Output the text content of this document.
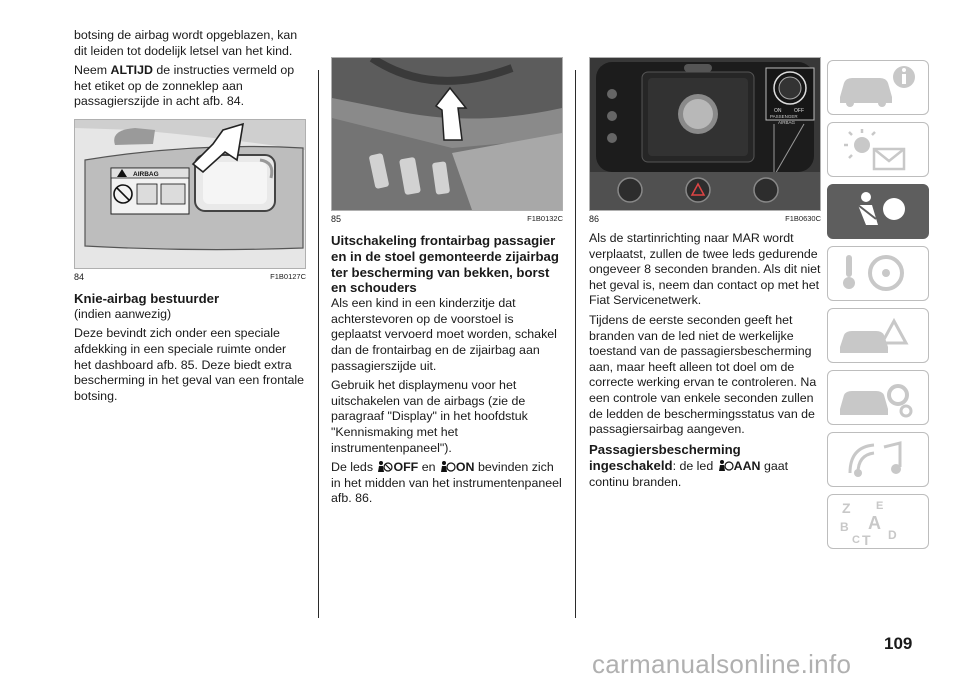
botsing de airbag wordt opgeblazen, kan dit leiden tot dodelijk letsel van het kind.

Neem ALTIJD de instructies vermeld op het etiket op de zonneklep aan passagierszijde in acht afb. 84.

AIRBAG
84	F1B0127C
Knie-airbag bestuurder

(indien aanwezig)

Deze bevindt zich onder een speciale afdekking in een speciale ruimte onder het dashboard afb. 85. Deze biedt extra bescherming in het geval van een frontale botsing.

85	F1B0132C
Uitschakeling frontairbag passagier en in de stoel gemonteerde zijairbag ter bescherming van bekken, borst en schouders

Als een kind in een kinderzitje dat achterstevoren op de voorstoel is geplaatst vervoerd moet worden, schakel dan de frontairbag en de zijairbag aan passagierszijde uit.

Gebruik het displaymenu voor het uitschakelen van de airbags (zie de paragraaf "Display" in het hoofdstuk "Kennismaking met het instrumentenpaneel").

De leds OFF en ON bevinden zich in het midden van het instrumentenpaneel afb. 86.

ON	OFF
PASSENGER
AIRBAG
86	F1B0630C

Als de startinrichting naar MAR wordt verplaatst, zullen de twee leds gedurende ongeveer 8 seconden branden. Als dit niet het geval is, neem dan contact op met het Fiat Servicenetwerk.

Tijdens de eerste seconden geeft het branden van de led niet de werkelijke toestand van de passagiersbescherming aan, maar heeft alleen tot doel om de correcte werking ervan te controleren. Na een controle van enkele seconden zullen de ledden de beschermingsstatus van de passagiersairbag aangeven.

Passagiersbescherming ingeschakeld: de led AAN gaat continu branden.

Z E
A
B
C T D
109
carmanualsonline.info
